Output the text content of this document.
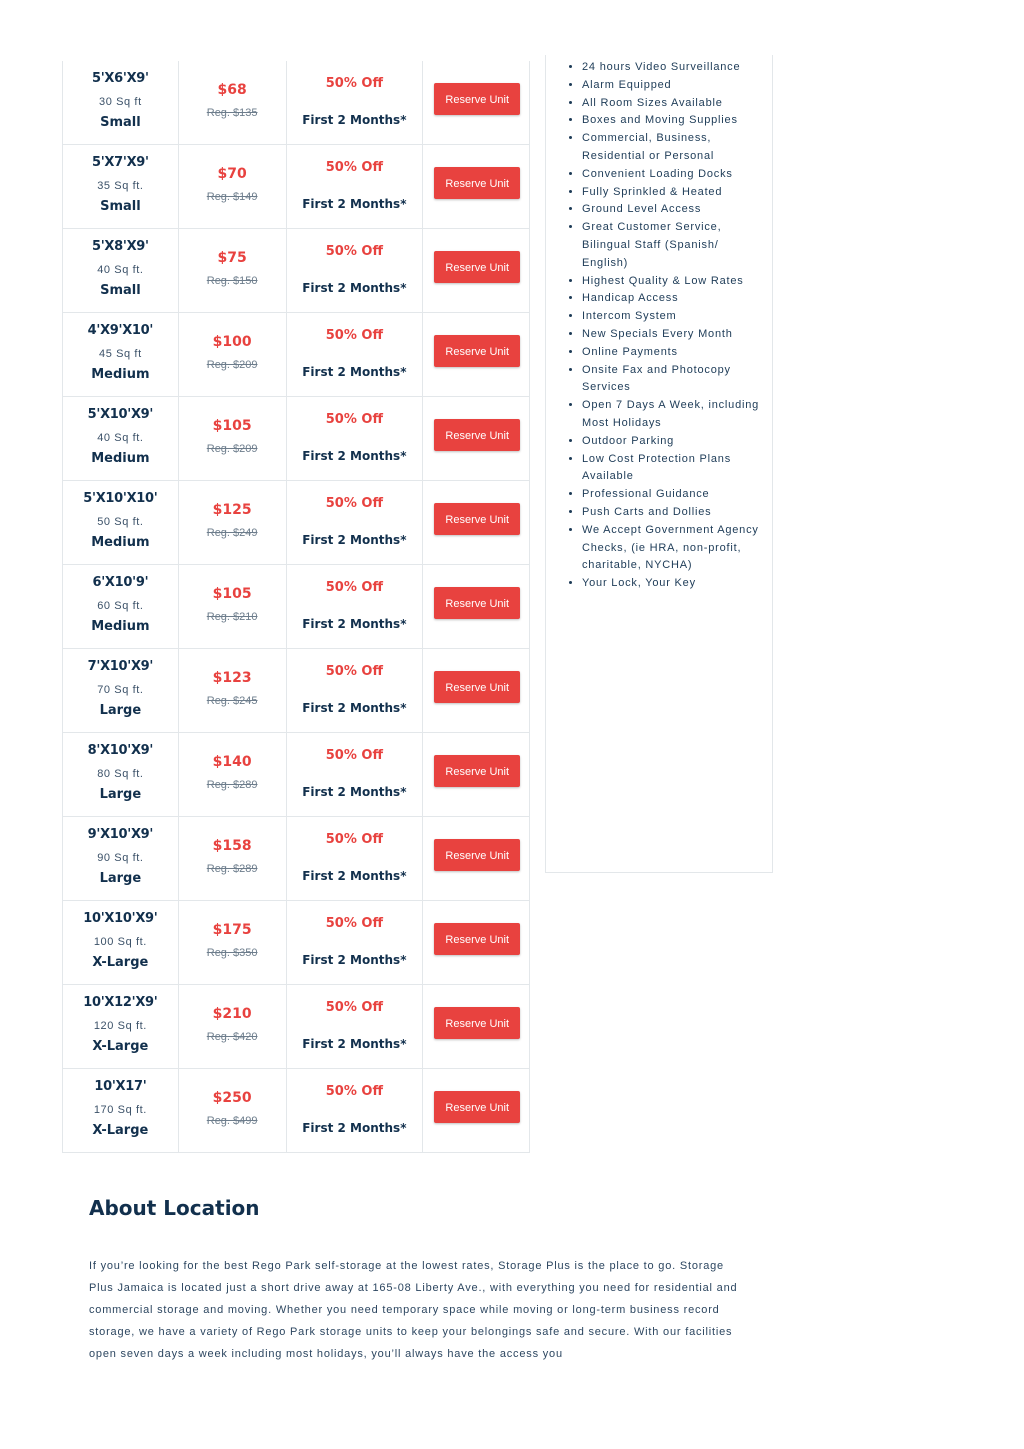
5'X6'X9'
30 Sq ft
Small
$68
Reg. $135
50% Off
First 2 Months*
Reserve Unit
5'X7'X9'
35 Sq ft.
Small
$70
Reg. $149
50% Off
First 2 Months*
Reserve Unit
5'X8'X9'
40 Sq ft.
Small
$75
Reg. $150
50% Off
First 2 Months*
Reserve Unit
4'X9'X10'
45 Sq ft
Medium
$100
Reg. $209
50% Off
First 2 Months*
Reserve Unit
5'X10'X9'
40 Sq ft.
Medium
$105
Reg. $209
50% Off
First 2 Months*
Reserve Unit
5'X10'X10'
50 Sq ft.
Medium
$125
Reg. $249
50% Off
First 2 Months*
Reserve Unit
6'X10'9'
60 Sq ft.
Medium
$105
Reg. $210
50% Off
First 2 Months*
Reserve Unit
7'X10'X9'
70 Sq ft.
Large
$123
Reg. $245
50% Off
First 2 Months*
Reserve Unit
8'X10'X9'
80 Sq ft.
Large
$140
Reg. $289
50% Off
First 2 Months*
Reserve Unit
9'X10'X9'
90 Sq ft.
Large
$158
Reg. $289
50% Off
First 2 Months*
Reserve Unit
10'X10'X9'
100 Sq ft.
X-Large
$175
Reg. $350
50% Off
First 2 Months*
Reserve Unit
10'X12'X9'
120 Sq ft.
X-Large
$210
Reg. $420
50% Off
First 2 Months*
Reserve Unit
10'X17'
170 Sq ft.
X-Large
$250
Reg. $499
50% Off
First 2 Months*
Reserve Unit
• 24 hours Video Surveillance
• Alarm Equipped
• All Room Sizes Available
• Boxes and Moving Supplies
• Commercial, Business, Residential or Personal
• Convenient Loading Docks
• Fully Sprinkled & Heated
• Ground Level Access
• Great Customer Service, Bilingual Staff (Spanish/ English)
• Highest Quality & Low Rates
• Handicap Access
• Intercom System
• New Specials Every Month
• Online Payments
• Onsite Fax and Photocopy Services
• Open 7 Days A Week, including Most Holidays
• Outdoor Parking
• Low Cost Protection Plans Available
• Professional Guidance
• Push Carts and Dollies
• We Accept Government Agency Checks, (ie HRA, non-profit, charitable, NYCHA)
• Your Lock, Your Key
About Location

If you’re looking for the best Rego Park self-storage at the lowest rates, Storage Plus is the place to go. Storage Plus Jamaica is located just a short drive away at 165-08 Liberty Ave., with everything you need for residential and commercial storage and moving. Whether you need temporary space while moving or long-term business record storage, we have a variety of Rego Park storage units to keep your belongings safe and secure. With our facilities open seven days a week including most holidays, you’ll always have the access you
